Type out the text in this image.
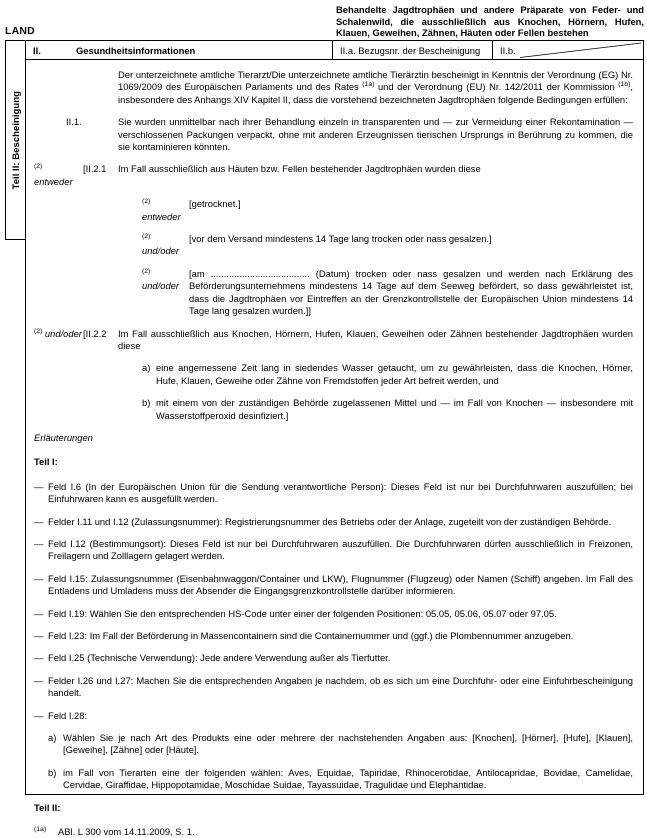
LAND
Behandelte Jagdtrophäen und andere Präparate von Feder- und Schalenwild, die ausschließlich aus Knochen, Hörnern, Hufen, Klauen, Geweihen, Zähnen, Häuten oder Fellen bestehen
Teil II: Bescheinigung
II.	Gesundheitsinformationen	II.a. Bezugsnr. der Bescheinigung	II.b.
Der unterzeichnete amtliche Tierarzt/Die unterzeichnete amtliche Tierärztin bescheinigt in Kenntnis der Verordnung (EG) Nr. 1069/2009 des Europäischen Parlaments und des Rates $^{(1a)}$ und der Verordnung (EU) Nr. 142/2011 der Kommission $^{(1b)}$, insbesondere des Anhangs XIV Kapitel II, dass die vorstehend bezeichneten Jagdtrophäen folgende Bedingungen erfüllen:
II.1.	Sie wurden unmittelbar nach ihrer Behandlung einzeln in transparenten und — zur Vermeidung einer Rekontamination — verschlossenen Packungen verpackt, ohne mit anderen Erzeugnissen tierischen Ursprungs in Berührung zu kommen, die sie kontaminieren könnten.
$^{(2)}$ entweder
[II.2.1	Im Fall ausschließlich aus Häuten bzw. Fellen bestehender Jagdtrophäen wurden diese
$^{(2)}$ entweder
[getrocknet.]
$^{(2)}$ und/oder
[vor dem Versand mindestens 14 Tage lang trocken oder nass gesalzen.]
$^{(2)}$ und/oder
[am ...................................... (Datum) trocken oder nass gesalzen und werden nach Erklärung des Beförderungsunternehmens mindestens 14 Tage auf dem Seeweg befördert, so dass gewährleistet ist, dass die Jagdtrophäen vor Eintreffen an der Grenzkontrollstelle der Europäischen Union mindestens 14 Tage lang gesalzen wurden.]]
$^{(2)}$ und/oder [II.2.2	Im Fall ausschließlich aus Knochen, Hörnern, Hufen, Klauen, Geweihen oder Zähnen bestehender Jagdtrophäen wurden diese
a) eine angemessene Zeit lang in siedendes Wasser getaucht, um zu gewährleisten, dass die Knochen, Hörner, Hufe, Klauen, Geweihe oder Zähne von Fremdstoffen jeder Art befreit werden, und
b) mit einem von der zuständigen Behörde zugelassenen Mittel und — im Fall von Knochen — insbesondere mit Wasserstoffperoxid desinfiziert.]
Erläuterungen
Teil I:
— Feld I.6 (In der Europäischen Union für die Sendung verantwortliche Person): Dieses Feld ist nur bei Durchfuhrwaren auszufüllen; bei Einfuhrwaren kann es ausgefüllt werden.
— Felder I.11 und I.12 (Zulassungsnummer): Registrierungsnummer des Betriebs oder der Anlage, zugeteilt von der zuständigen Behörde.
— Feld I.12 (Bestimmungsort): Dieses Feld ist nur bei Durchfuhrwaren auszufüllen. Die Durchfuhrwaren dürfen ausschließlich in Freizonen, Freilagern und Zolllagern gelagert werden.
— Feld I.15: Zulassungsnummer (Eisenbahnwaggon/Container und LKW), Flugnummer (Flugzeug) oder Namen (Schiff) angeben. Im Fall des Entladens und Umladens muss der Absender die Eingangsgrenzkontrollstelle darüber informieren.
— Feld I.19: Wählen Sie den entsprechenden HS-Code unter einer der folgenden Positionen: 05.05, 05.06, 05.07 oder 97.05.
— Feld I.23: Im Fall der Beförderung in Massencontainern sind die Containernummer und (ggf.) die Plombennummer anzugeben.
— Feld I.25 (Technische Verwendung): Jede andere Verwendung außer als Tierfutter.
— Felder I.26 und I.27: Machen Sie die entsprechenden Angaben je nachdem, ob es sich um eine Durchfuhr- oder eine Einfuhrbescheinigung handelt.
— Feld I.28:
a) Wählen Sie je nach Art des Produkts eine oder mehrere der nachstehenden Angaben aus: [Knochen], [Hörner], [Hufe], [Klauen], [Geweihe], [Zähne] oder [Häute].
b) im Fall von Tierarten eine der folgenden wählen: Aves, Equidae, Tapiridae, Rhinocerotidae, Antilocapridae, Bovidae, Camelidae, Cervidae, Giraffidae, Hippopotamidae, Moschidae Suidae, Tayassuidae, Tragulidae und Elephantidae.
Teil II:
$^{(1a)}$	ABl. L 300 vom 14.11.2009, S. 1.
